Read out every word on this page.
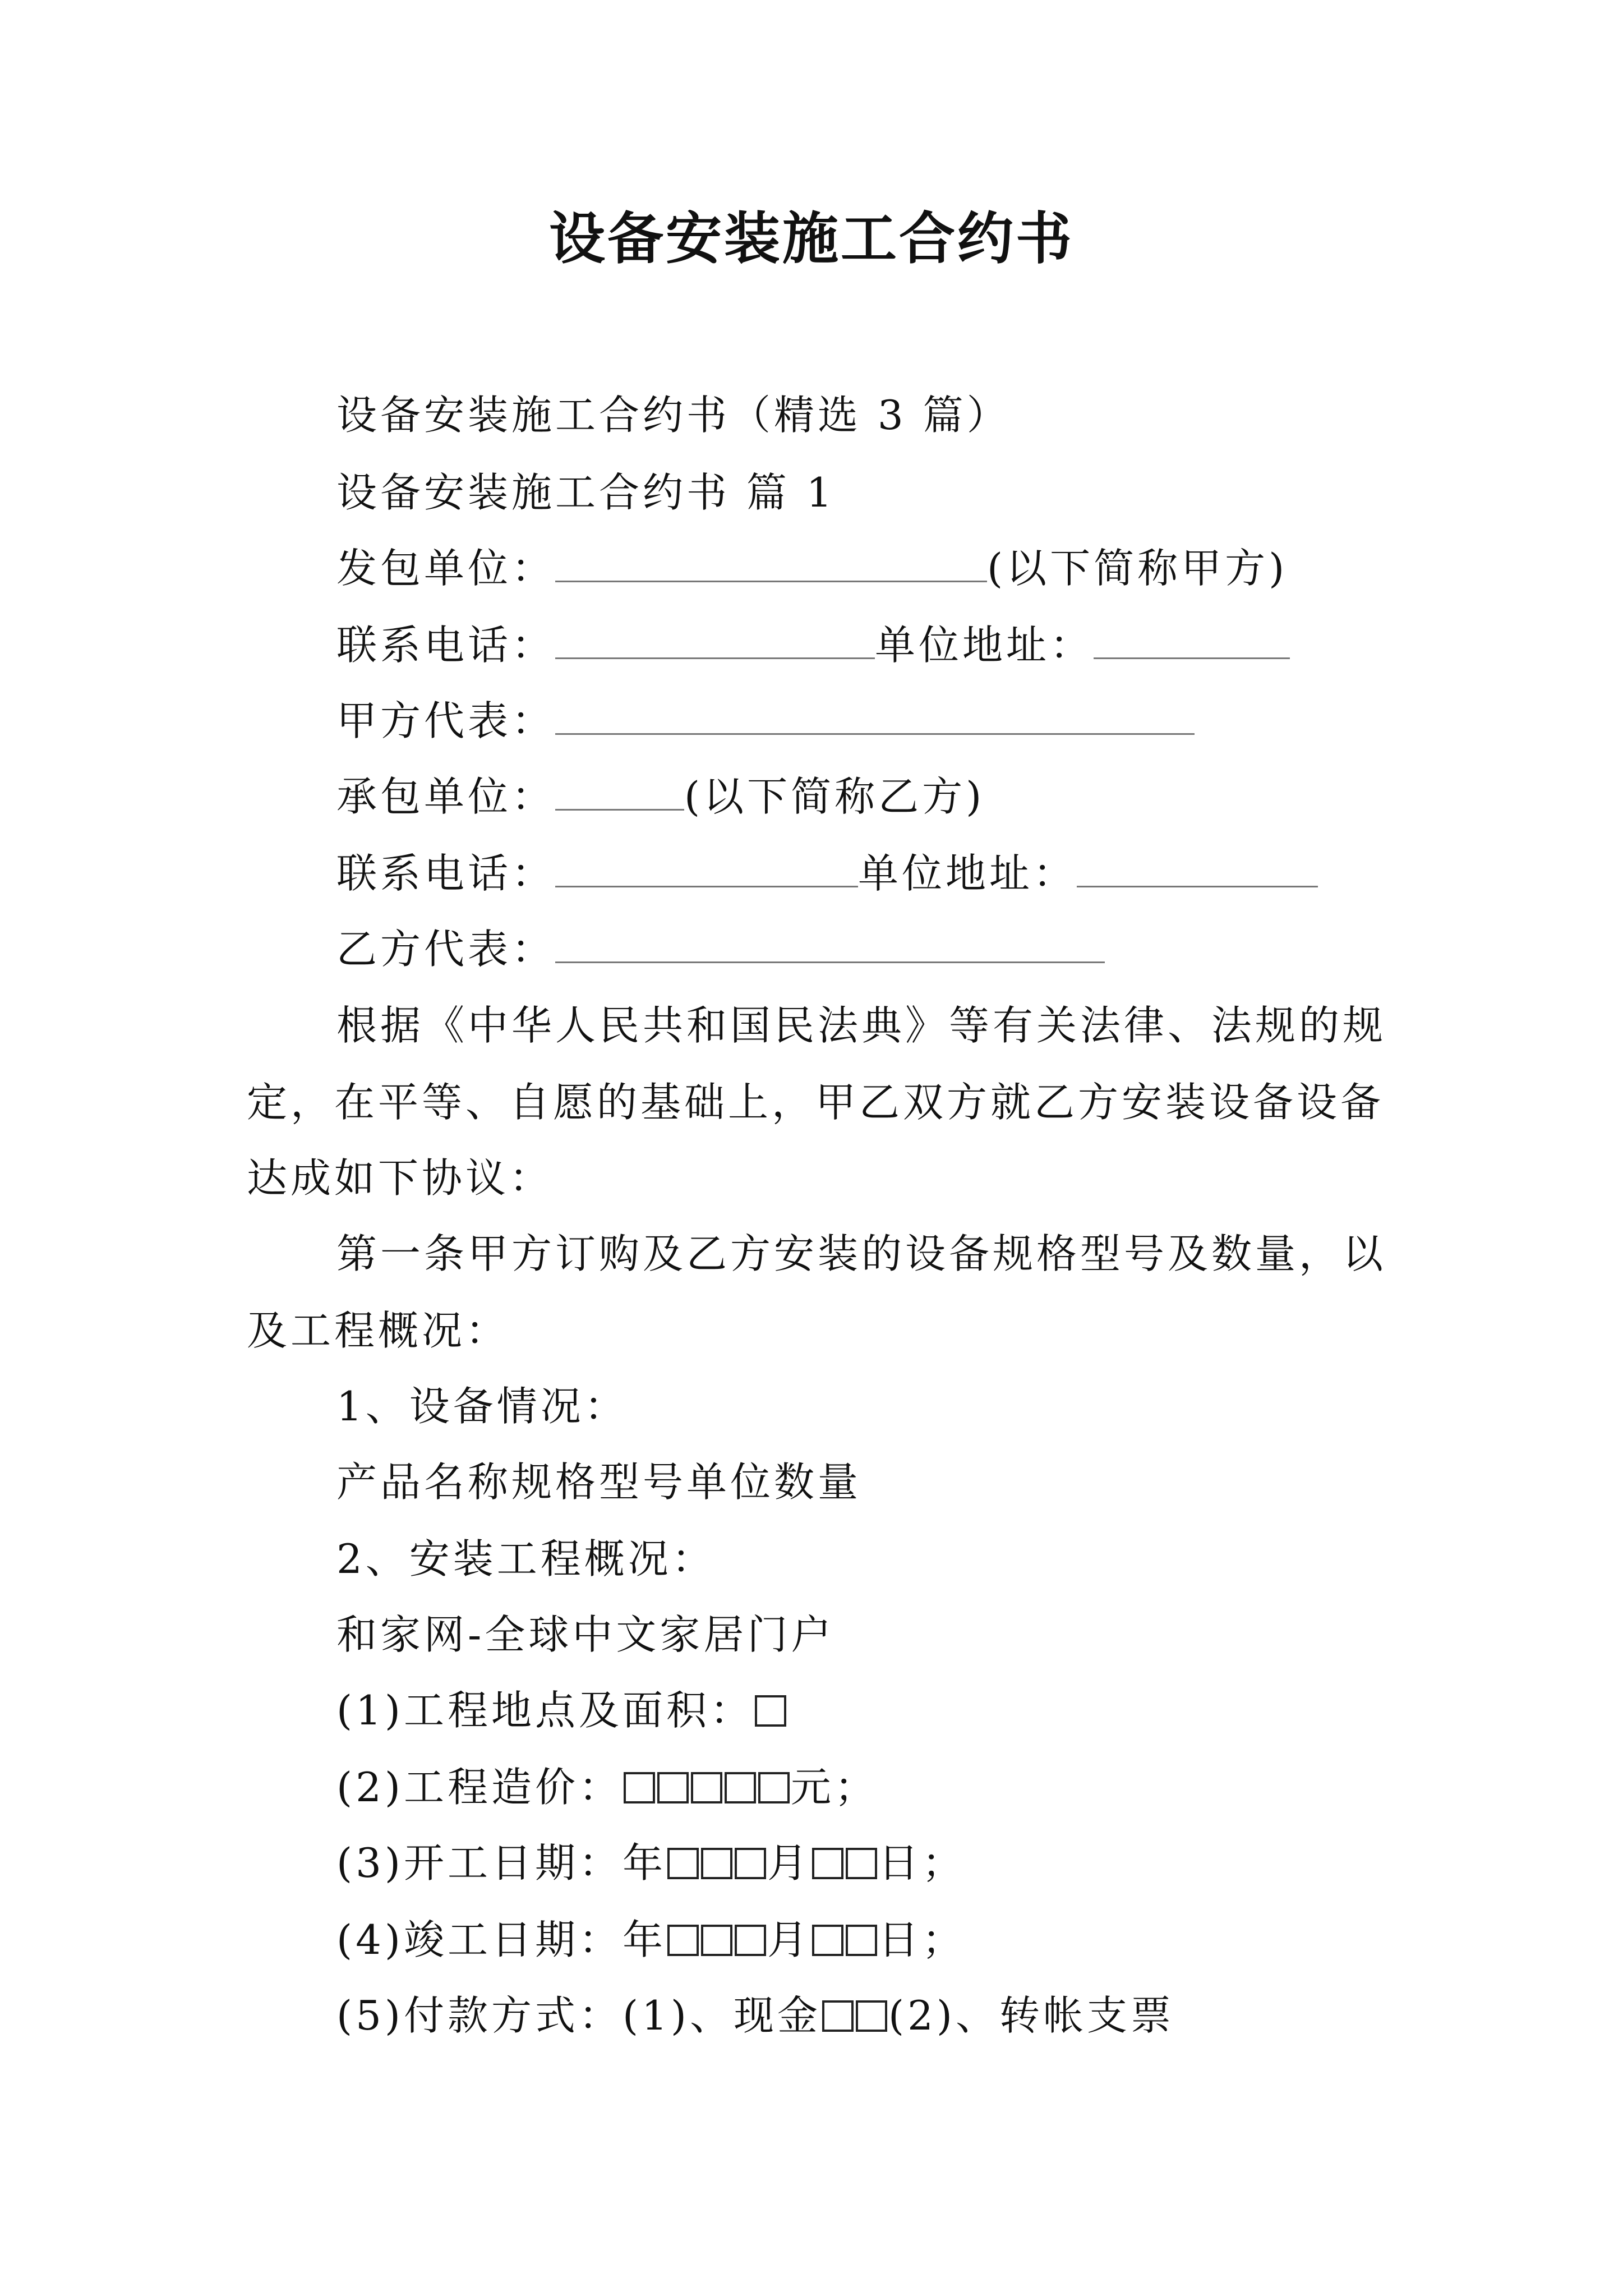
设备安装施工合约书
设备安装施工合约书（精选 3 篇）
设备安装施工合约书 篇 1
发包单位：	(以下简称甲方)
联系电话：	单位地址：
甲方代表：
承包单位：	(以下简称乙方)
联系电话：	单位地址：
乙方代表：
根据《中华人民共和国民法典》等有关法律、法规的规
定，在平等、自愿的基础上，甲乙双方就乙方安装设备设备
达成如下协议：
第一条甲方订购及乙方安装的设备规格型号及数量，以
及工程概况：
1、设备情况：
产品名称规格型号单位数量
2、安装工程概况：
和家网-全球中文家居门户
(1)工程地点及面积：
(2)工程造价：	元；
(3)开工日期：年	月 日；
(4)竣工日期：年	月 日；
(5)付款方式：(1)、现金 (2)、转帐支票
